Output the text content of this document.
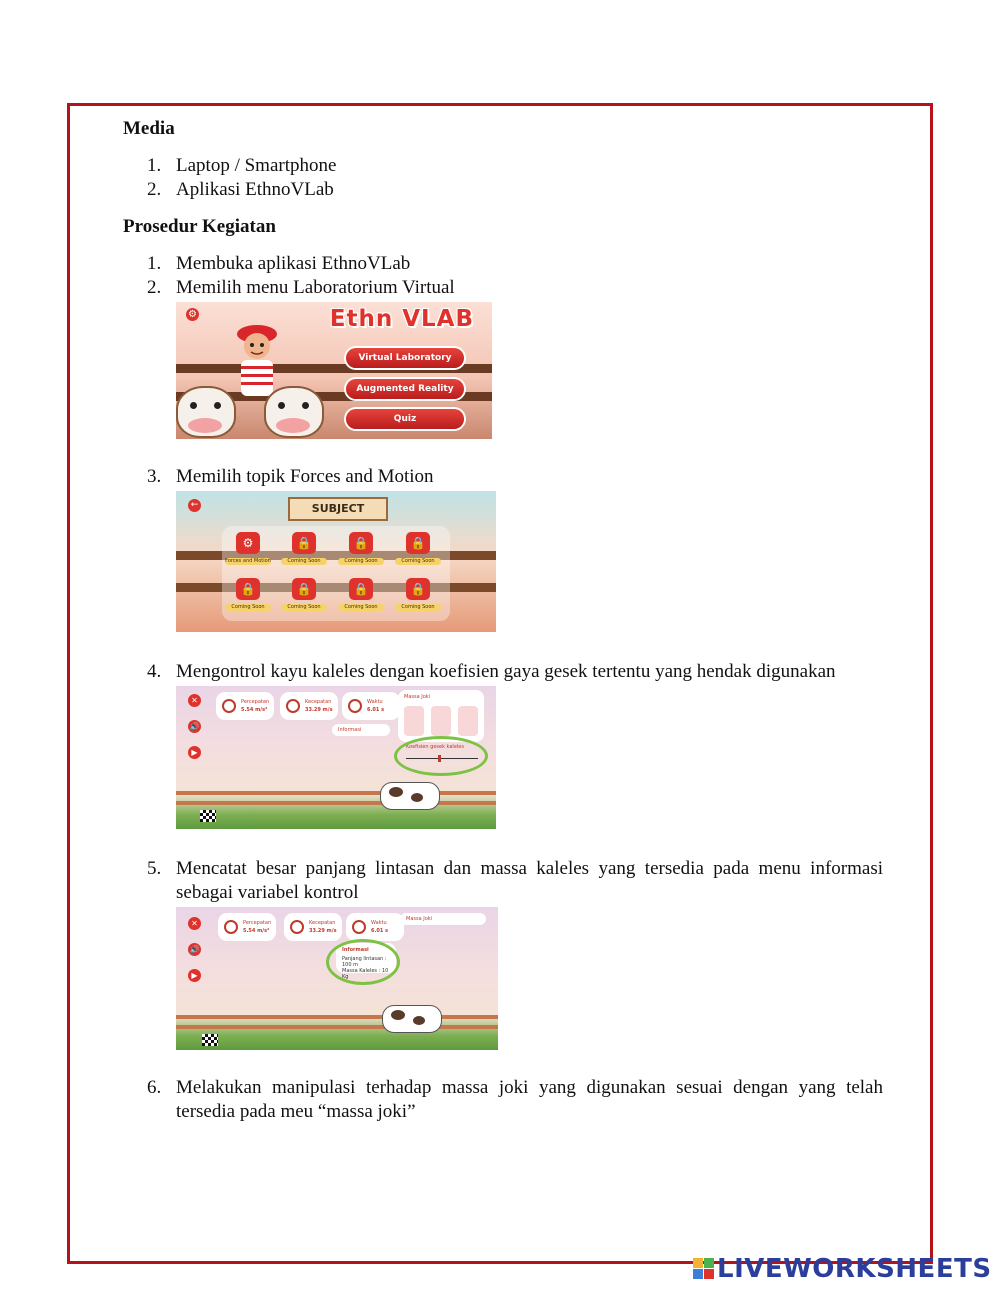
Media

1. Laptop / Smartphone
2. Aplikasi EthnoVLab

Prosedur Kegiatan

1. Membuka aplikasi EthnoVLab
2. Memilih menu Laboratorium Virtual
⚙	Ethn VLAB
Virtual Laboratory
Augmented Reality
Quiz
3. Memilih topik Forces and Motion
←	SUBJECT
⚙
Forces and Motion
🔒
Coming Soon
🔒
Coming Soon
🔒
Coming Soon
🔒
Coming Soon
🔒
Coming Soon
🔒
Coming Soon
🔒
Coming Soon
4. Mengontrol kayu kaleles dengan koefisien gaya gesek tertentu yang hendak digunakan
✕
🔊
▶
Percepatan
5.54 m/s²
Kecepatan
33.29 m/s
Waktu
6.01 s
Informasi
Massa Joki
Koefisien gesek kaleles
5. Mencatat besar panjang lintasan dan massa kaleles yang tersedia pada menu informasi sebagai variabel kontrol
✕
🔊
▶
Percepatan
5.54 m/s²
Kecepatan
33.29 m/s
Waktu
6.01 s
Massa Joki
Informasi
Panjang lintasan : 100 m
Massa Kaleles : 10 Kg
6. Melakukan manipulasi terhadap massa joki yang digunakan sesuai dengan yang telah tersedia pada meu “massa joki”
LIVEWORKSHEETS
